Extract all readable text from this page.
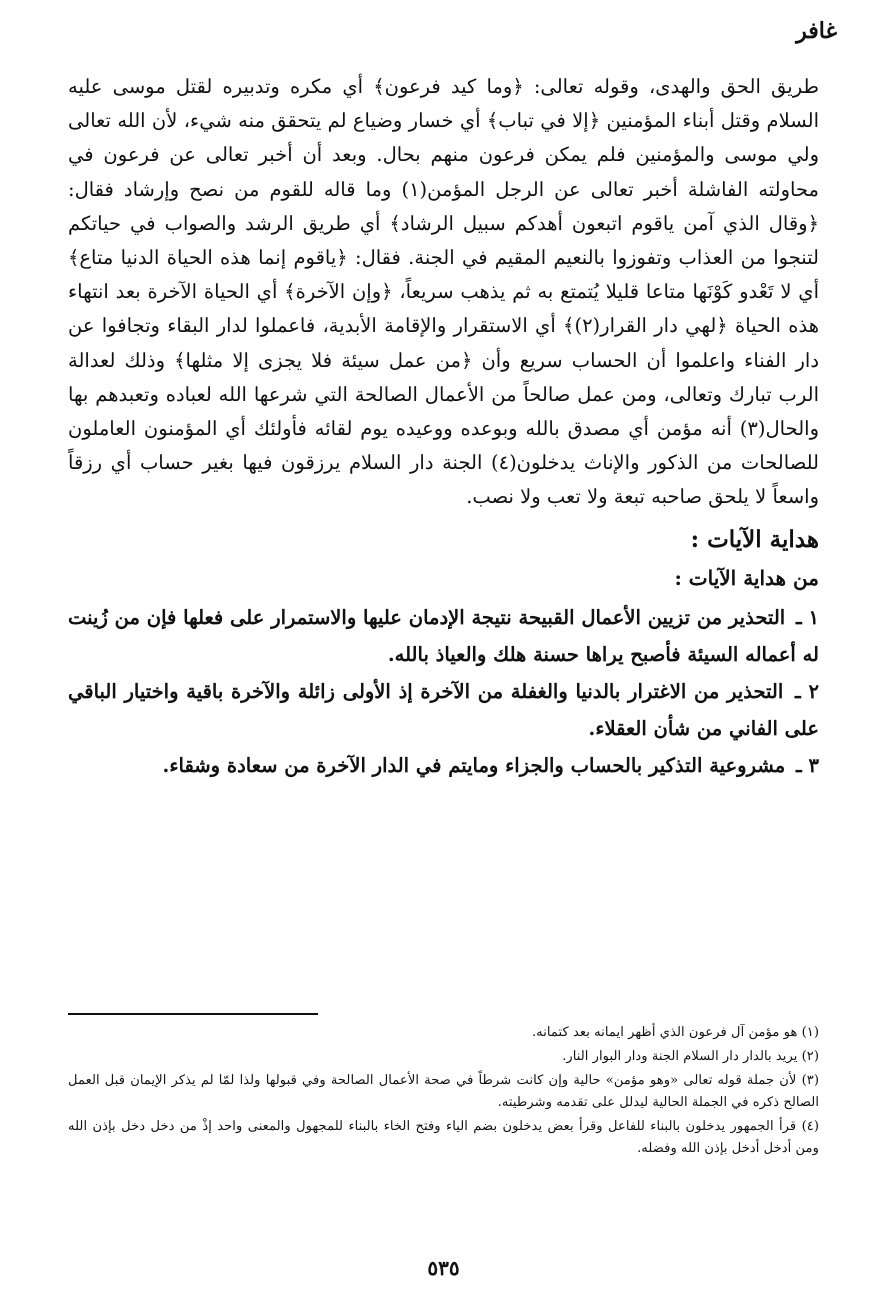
غافر

طريق الحق والهدى، وقوله تعالى: ﴿وما كيد فرعون﴾ أي مكره وتدبيره لقتل موسى عليه السلام وقتل أبناء المؤمنين ﴿إلا في تباب﴾ أي خسار وضياع لم يتحقق منه شيء، لأن الله تعالى ولي موسى والمؤمنين فلم يمكن فرعون منهم بحال. وبعد أن أخبر تعالى عن فرعون في محاولته الفاشلة أخبر تعالى عن الرجل المؤمن(١) وما قاله للقوم من نصح وإرشاد فقال: ﴿وقال الذي آمن ياقوم اتبعون أهدكم سبيل الرشاد﴾ أي طريق الرشد والصواب في حياتكم لتنجوا من العذاب وتفوزوا بالنعيم المقيم في الجنة. فقال: ﴿ياقوم إنما هذه الحياة الدنيا متاع﴾ أي لا تَعْدو كَوْنَها متاعا قليلا يُتمتع به ثم يذهب سريعاً، ﴿وإن الآخرة﴾ أي الحياة الآخرة بعد انتهاء هذه الحياة ﴿لهي دار القرار(٢)﴾ أي الاستقرار والإقامة الأبدية، فاعملوا لدار البقاء وتجافوا عن دار الفناء واعلموا أن الحساب سريع وأن ﴿من عمل سيئة فلا يجزى إلا مثلها﴾ وذلك لعدالة الرب تبارك وتعالى، ومن عمل صالحاً من الأعمال الصالحة التي شرعها الله لعباده وتعبدهم بها والحال(٣) أنه مؤمن أي مصدق بالله وبوعده ووعيده يوم لقائه فأولئك أي المؤمنون العاملون للصالحات من الذكور والإناث يدخلون(٤) الجنة دار السلام يرزقون فيها بغير حساب أي رزقاً واسعاً لا يلحق صاحبه تبعة ولا تعب ولا نصب.

هداية الآيات :
من هداية الآيات :
١ ـ التحذير من تزيين الأعمال القبيحة نتيجة الإدمان عليها والاستمرار على فعلها فإن من زُينت له أعماله السيئة فأصبح يراها حسنة هلك والعياذ بالله.
٢ ـ التحذير من الاغترار بالدنيا والغفلة من الآخرة إذ الأولى زائلة والآخرة باقية واختيار الباقي على الفاني من شأن العقلاء.
٣ ـ مشروعية التذكير بالحساب والجزاء ومايتم في الدار الآخرة من سعادة وشقاء.

(١) هو مؤمن آل فرعون الذي أظهر ايمانه بعد كتمانه.

(٢) يريد بالدار دار السلام الجنة ودار البوار النار.

(٣) لأن جملة قوله تعالى «وهو مؤمن» حالية وإن كانت شرطاً في صحة الأعمال الصالحة وفي قبولها ولذا لمّا لم يذكر الإيمان قبل العمل الصالح ذكره في الجملة الحالية ليدلل على تقدمه وشرطيته.

(٤) قرأ الجمهور يدخلون بالبناء للفاعل وقرأ بعض يدخلون بضم الياء وفتح الخاء بالبناء للمجهول والمعنى واحد إذْ من دخل دخل بإذن الله ومن أدخل أدخل بإذن الله وفضله.

٥٣٥
